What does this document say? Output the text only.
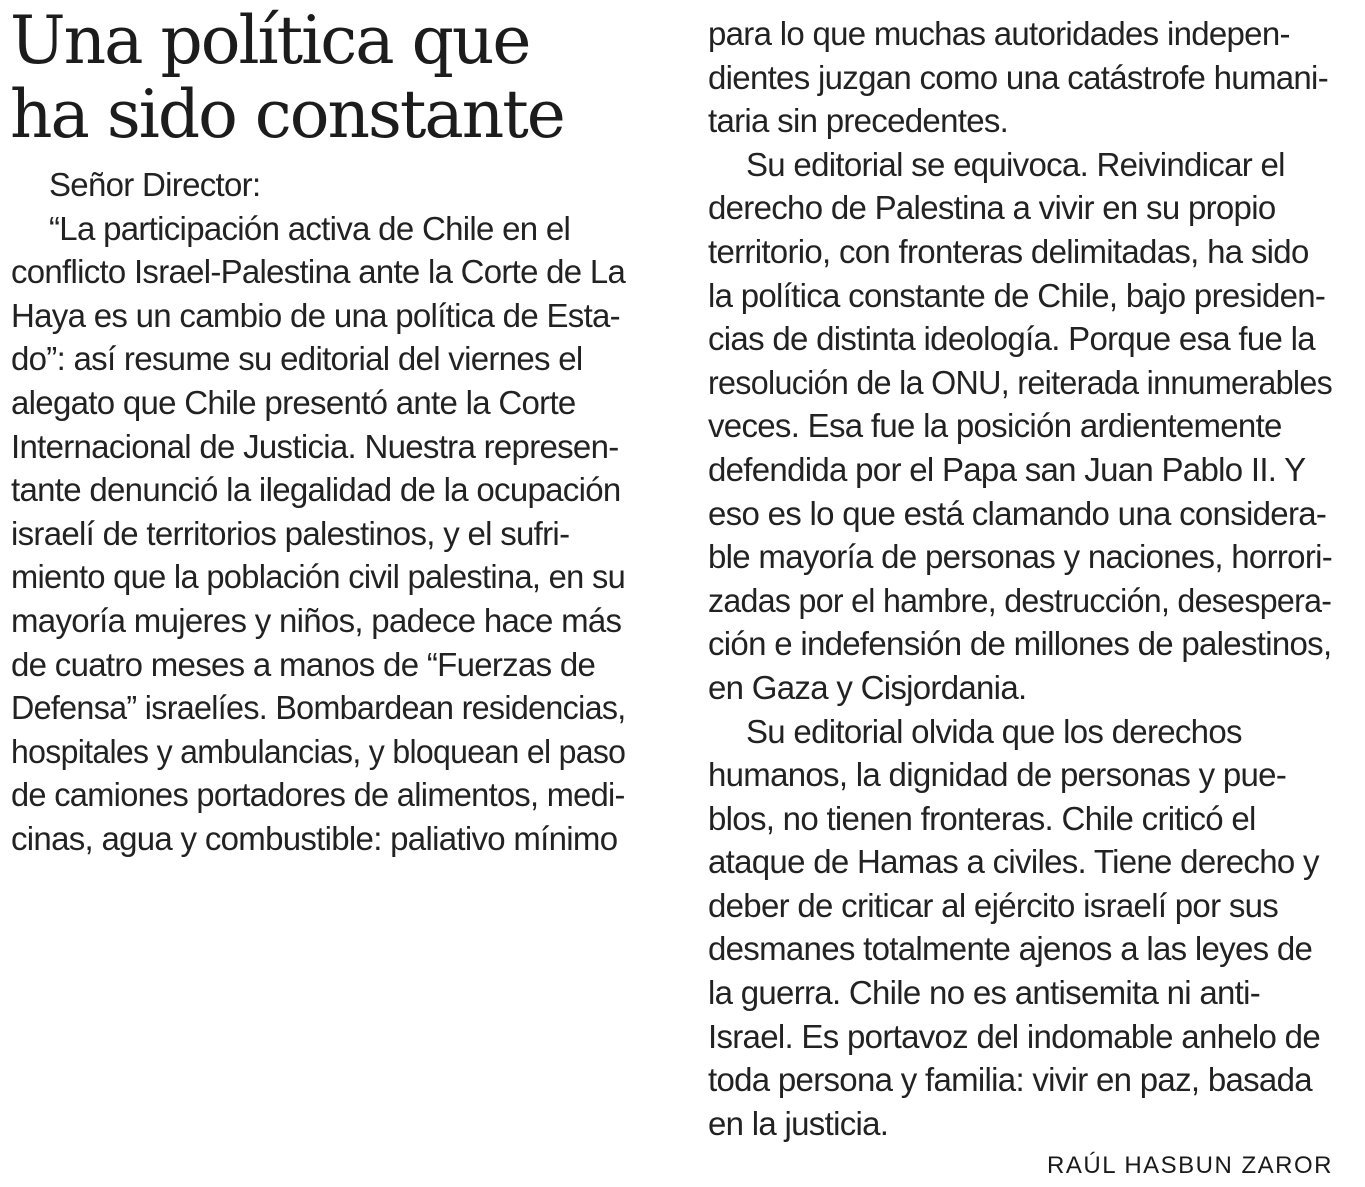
Una política que
ha sido constante
Señor Director:
“La participación activa de Chile en el
conflicto Israel-Palestina ante la Corte de La
Haya es un cambio de una política de Esta-
do”: así resume su editorial del viernes el
alegato que Chile presentó ante la Corte
Internacional de Justicia. Nuestra represen-
tante denunció la ilegalidad de la ocupación
israelí de territorios palestinos, y el sufri-
miento que la población civil palestina, en su
mayoría mujeres y niños, padece hace más
de cuatro meses a manos de “Fuerzas de
Defensa” israelíes. Bombardean residencias,
hospitales y ambulancias, y bloquean el paso
de camiones portadores de alimentos, medi-
cinas, agua y combustible: paliativo mínimo
para lo que muchas autoridades indepen-
dientes juzgan como una catástrofe humani-
taria sin precedentes.
Su editorial se equivoca. Reivindicar el
derecho de Palestina a vivir en su propio
territorio, con fronteras delimitadas, ha sido
la política constante de Chile, bajo presiden-
cias de distinta ideología. Porque esa fue la
resolución de la ONU, reiterada innumerables
veces. Esa fue la posición ardientemente
defendida por el Papa san Juan Pablo II. Y
eso es lo que está clamando una considera-
ble mayoría de personas y naciones, horrori-
zadas por el hambre, destrucción, desespera-
ción e indefensión de millones de palestinos,
en Gaza y Cisjordania.
Su editorial olvida que los derechos
humanos, la dignidad de personas y pue-
blos, no tienen fronteras. Chile criticó el
ataque de Hamas a civiles. Tiene derecho y
deber de criticar al ejército israelí por sus
desmanes totalmente ajenos a las leyes de
la guerra. Chile no es antisemita ni anti-
Israel. Es portavoz del indomable anhelo de
toda persona y familia: vivir en paz, basada
en la justicia.
RAÚL HASBUN ZAROR
